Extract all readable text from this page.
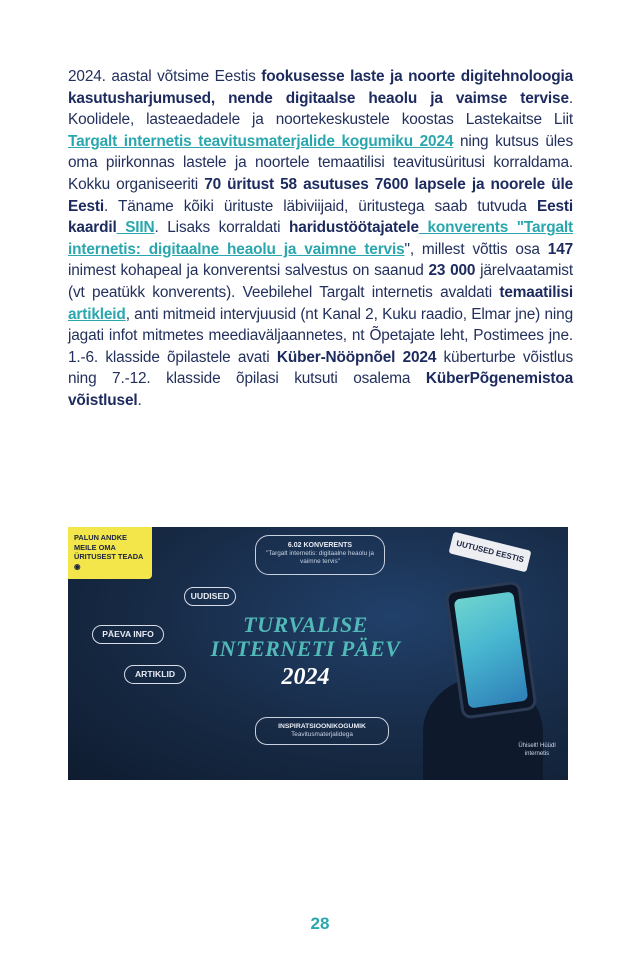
2024. aastal võtsime Eestis fookusesse laste ja noorte digitehnoloogia kasutusharjumused, nende digitaalse heaolu ja vaimse tervise. Koolidele, lasteaedadele ja noortekeskustele koostas Lastekaitse Liit Targalt internetis teavitusmaterjalide kogumiku 2024 ning kutsus üles oma piirkonnas lastele ja noortele temaatilisi teavitusüritusi korraldama. Kokku organiseeriti 70 üritust 58 asutuses 7600 lapsele ja noorele üle Eesti. Täname kõiki ürituste läbiviijaid, üritustega saab tutvuda Eesti kaardil SIIN. Lisaks korraldati haridustöötajatele konverents "Targalt internetis: digitaalne heaolu ja vaimne tervis", millest võttis osa 147 inimest kohapeal ja konverentsi salvestus on saanud 23 000 järelvaatamist (vt peatükk konverents). Veebilehel Targalt internetis avaldati temaatilisi artikleid, anti mitmeid intervjuusid (nt Kanal 2, Kuku raadio, Elmar jne) ning jagati infot mitmetes meediaväljaannetes, nt Õpetajate leht, Postimees jne. 1.-6. klasside õpilastele avati Küber-Nööpnõel 2024 küberturbe võistlus ning 7.-12. klasside õpilasi kutsuti osalema KüberPõgenemistoa võistlusel.
PALUN ANDKE MEILE OMA ÜRITUSEST TEADA ◉
UUDISED
PÄEVA INFO
ARTIKLID
6.02 KONVERENTS
"Targalt internetis: digitaalne heaolu ja vaimne tervis"
TURVALISE
INTERNETI PÄEV
2024
INSPIRATSIOONIKOGUMIK
Teavitusmaterjalidega
UUTUSED EESTIS
Ühiselt! Hüüdl internetis
28
